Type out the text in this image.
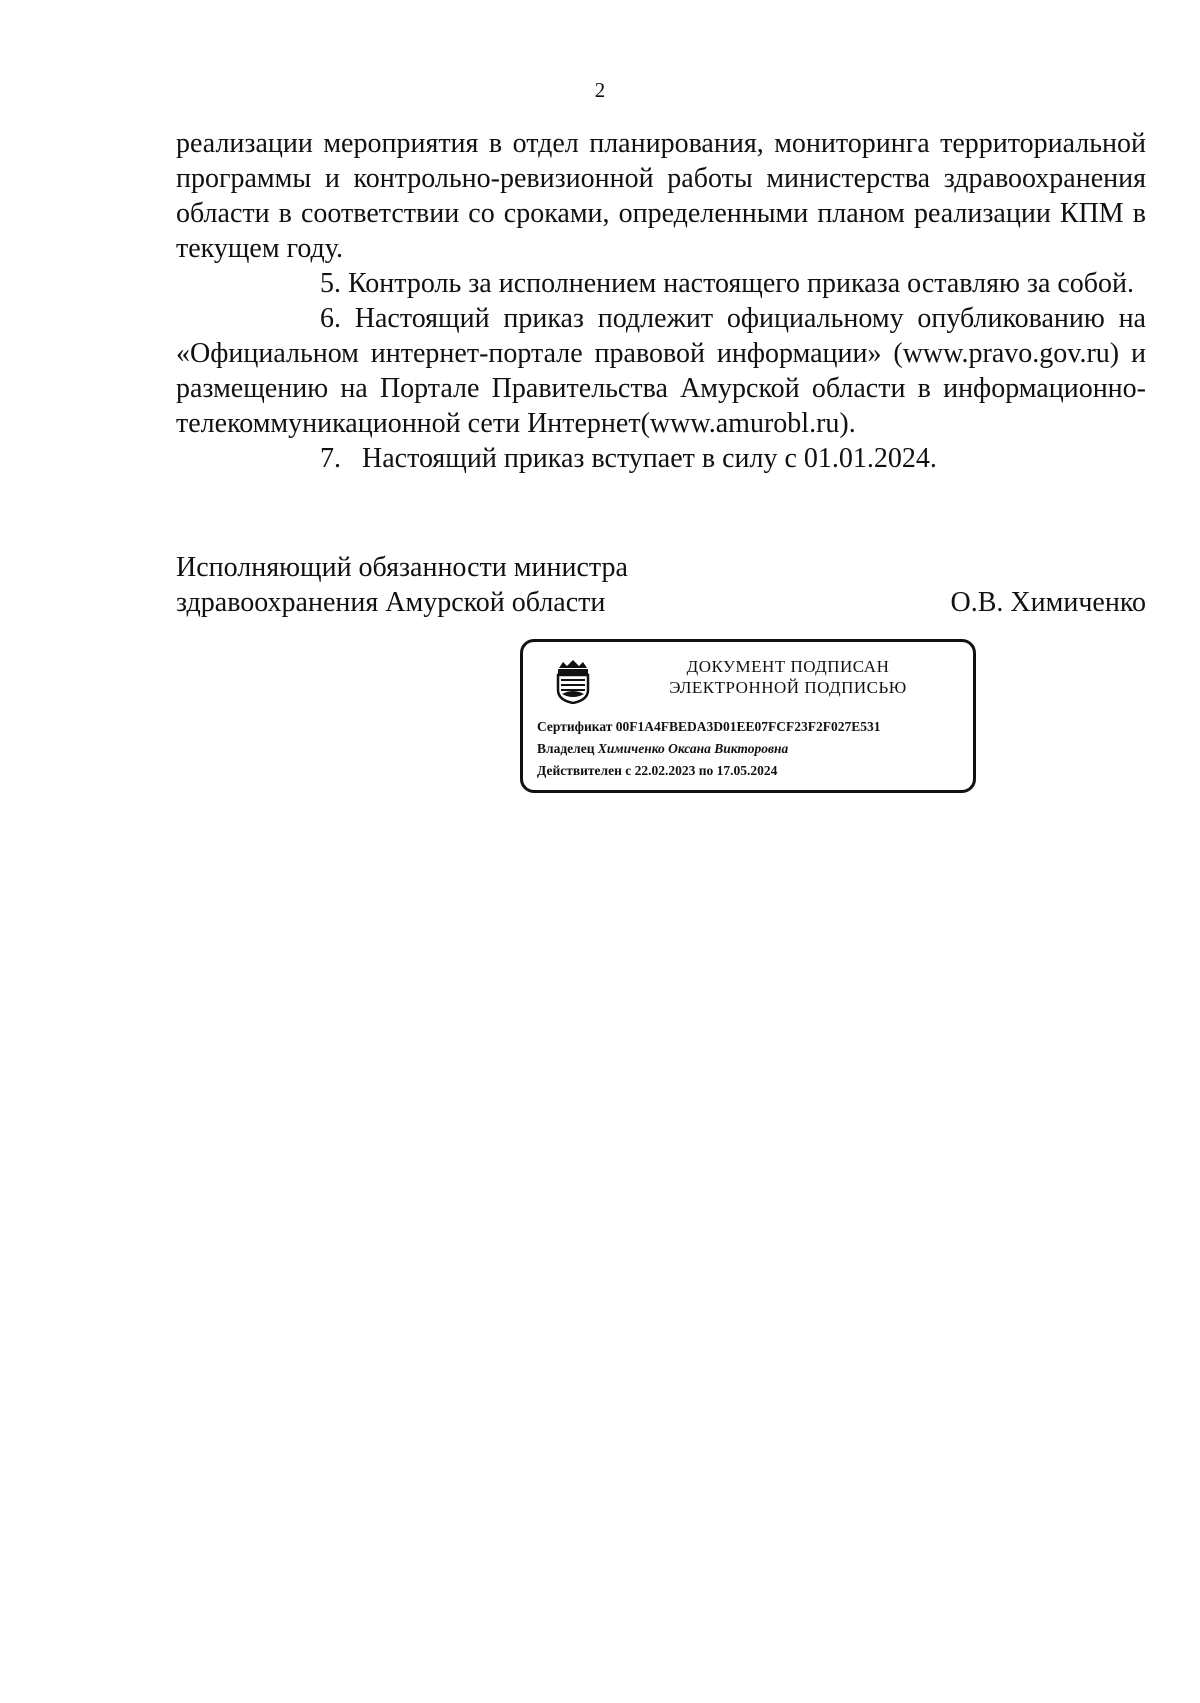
2

реализации мероприятия в отдел планирования, мониторинга территориальной программы и контрольно-ревизионной работы министерства здравоохранения области в соответствии со сроками, определенными планом реализации КПМ в текущем году.

5. Контроль за исполнением настоящего приказа оставляю за собой.

6. Настоящий приказ подлежит официальному опубликованию на «Официальном интернет-портале правовой информации» (www.pravo.gov.ru) и размещению на Портале Правительства Амурской области в информационно-телекоммуникационной сети Интернет(www.amurobl.ru).

7. Настоящий приказ вступает в силу с 01.01.2024.

Исполняющий обязанности министра
здравоохранения Амурской области	О.В. Химиченко
ДОКУМЕНТ ПОДПИСАН
ЭЛЕКТРОННОЙ ПОДПИСЬЮ
Сертификат 00F1A4FBEDA3D01EE07FCF23F2F027E531
Владелец Химиченко Оксана Викторовна
Действителен с 22.02.2023 по 17.05.2024
